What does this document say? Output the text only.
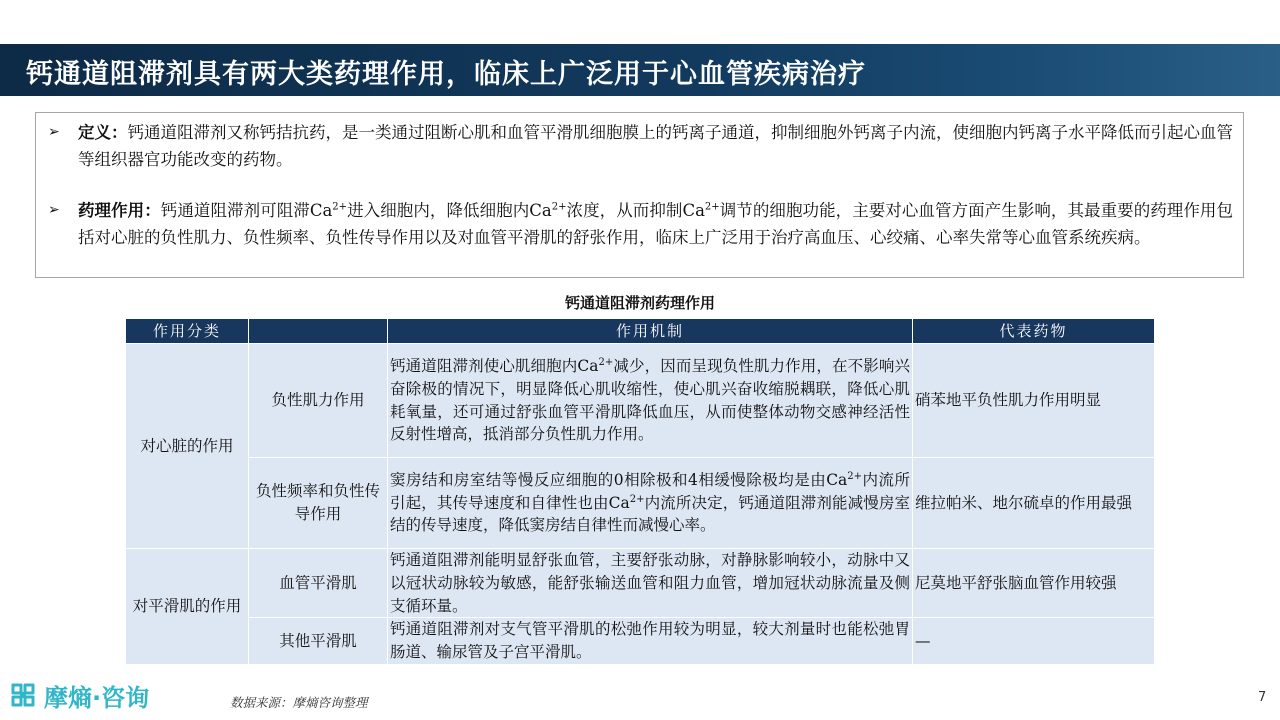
钙通道阻滞剂具有两大类药理作用，临床上广泛用于心血管疾病治疗
➢ 定义：钙通道阻滞剂又称钙拮抗药，是一类通过阻断心肌和血管平滑肌细胞膜上的钙离子通道，抑制细胞外钙离子内流，使细胞内钙离子水平降低而引起心血管等组织器官功能改变的药物。
➢ 药理作用：钙通道阻滞剂可阻滞$Ca^{2+}$进入细胞内，降低细胞内$Ca^{2+}$浓度，从而抑制$Ca^{2+}$调节的细胞功能，主要对心血管方面产生影响，其最重要的药理作用包括对心脏的负性肌力、负性频率、负性传导作用以及对血管平滑肌的舒张作用，临床上广泛用于治疗高血压、心绞痛、心率失常等心血管系统疾病。
钙通道阻滞剂药理作用
作用分类		作用机制	代表药物
对心脏的作用	负性肌力作用	钙通道阻滞剂使心肌细胞内$Ca^{2+}$减少，因而呈现负性肌力作用，在不影响兴奋除极的情况下，明显降低心肌收缩性，使心肌兴奋收缩脱耦联，降低心肌耗氧量，还可通过舒张血管平滑肌降低血压，从而使整体动物交感神经活性反射性增高，抵消部分负性肌力作用。	硝苯地平负性肌力作用明显
	负性频率和负性传导作用	窦房结和房室结等慢反应细胞的0相除极和4相缓慢除极均是由$Ca^{2+}$内流所引起，其传导速度和自律性也由$Ca^{2+}$内流所决定，钙通道阻滞剂能减慢房室结的传导速度，降低窦房结自律性而减慢心率。	维拉帕米、地尔硫卓的作用最强
对平滑肌的作用	血管平滑肌	钙通道阻滞剂能明显舒张血管，主要舒张动脉，对静脉影响较小，动脉中又以冠状动脉较为敏感，能舒张输送血管和阻力血管，增加冠状动脉流量及侧支循环量。	尼莫地平舒张脑血管作用较强
	其他平滑肌	钙通道阻滞剂对支气管平滑肌的松弛作用较为明显，较大剂量时也能松弛胃肠道、输尿管及子宫平滑肌。	—
摩熵·咨询	数据来源：摩熵咨询整理	7
